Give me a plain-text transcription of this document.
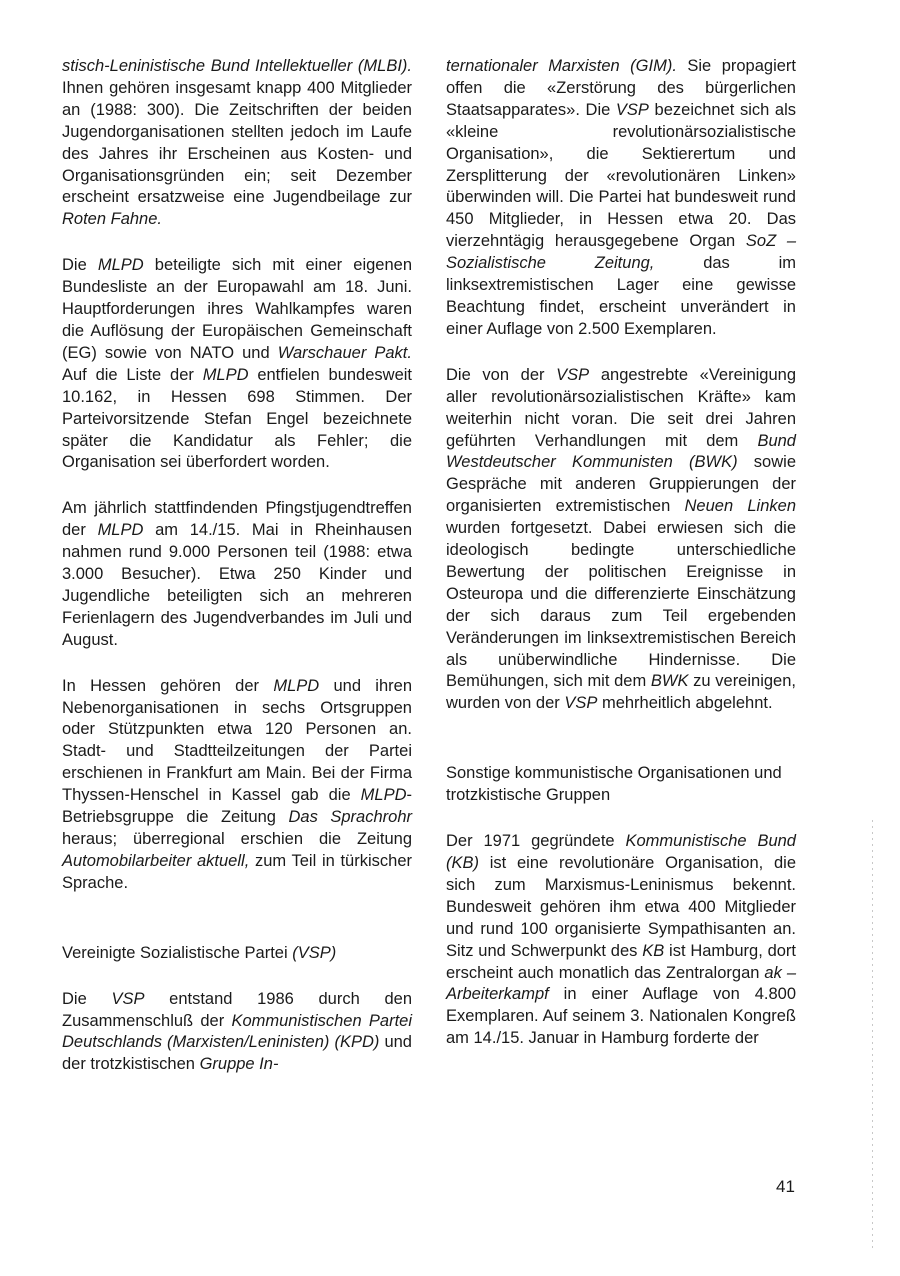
stisch-Leninistische Bund Intellektueller (MLBI). Ihnen gehören insgesamt knapp 400 Mitglieder an (1988: 300). Die Zeitschriften der beiden Jugendorganisationen stellten jedoch im Laufe des Jahres ihr Erscheinen aus Kosten- und Organisationsgründen ein; seit Dezember erscheint ersatzweise eine Jugendbeilage zur Roten Fahne.

Die MLPD beteiligte sich mit einer eigenen Bundesliste an der Europawahl am 18. Juni. Hauptforderungen ihres Wahlkampfes waren die Auflösung der Europäischen Gemeinschaft (EG) sowie von NATO und Warschauer Pakt. Auf die Liste der MLPD entfielen bundesweit 10.162, in Hessen 698 Stimmen. Der Parteivorsitzende Stefan Engel bezeichnete später die Kandidatur als Fehler; die Organisation sei überfordert worden.

Am jährlich stattfindenden Pfingstjugendtreffen der MLPD am 14./15. Mai in Rheinhausen nahmen rund 9.000 Personen teil (1988: etwa 3.000 Besucher). Etwa 250 Kinder und Jugendliche beteiligten sich an mehreren Ferienlagern des Jugendverbandes im Juli und August.

In Hessen gehören der MLPD und ihren Nebenorganisationen in sechs Ortsgruppen oder Stützpunkten etwa 120 Personen an. Stadt- und Stadtteilzeitungen der Partei erschienen in Frankfurt am Main. Bei der Firma Thyssen-Henschel in Kassel gab die MLPD-Betriebsgruppe die Zeitung Das Sprachrohr heraus; überregional erschien die Zeitung Automobilarbeiter aktuell, zum Teil in türkischer Sprache.

Vereinigte Sozialistische Partei (VSP)

Die VSP entstand 1986 durch den Zusammenschluß der Kommunistischen Partei Deutschlands (Marxisten/Leninisten) (KPD) und der trotzkistischen Gruppe In-

ternationaler Marxisten (GIM). Sie propagiert offen die «Zerstörung des bürgerlichen Staatsapparates». Die VSP bezeichnet sich als «kleine revolutionärsozialistische Organisation», die Sektierertum und Zersplitterung der «revolutionären Linken» überwinden will. Die Partei hat bundesweit rund 450 Mitglieder, in Hessen etwa 20. Das vierzehntägig herausgegebene Organ SoZ – Sozialistische Zeitung, das im linksextremistischen Lager eine gewisse Beachtung findet, erscheint unverändert in einer Auflage von 2.500 Exemplaren.

Die von der VSP angestrebte «Vereinigung aller revolutionärsozialistischen Kräfte» kam weiterhin nicht voran. Die seit drei Jahren geführten Verhandlungen mit dem Bund Westdeutscher Kommunisten (BWK) sowie Gespräche mit anderen Gruppierungen der organisierten extremistischen Neuen Linken wurden fortgesetzt. Dabei erwiesen sich die ideologisch bedingte unterschiedliche Bewertung der politischen Ereignisse in Osteuropa und die differenzierte Einschätzung der sich daraus zum Teil ergebenden Veränderungen im linksextremistischen Bereich als unüberwindliche Hindernisse. Die Bemühungen, sich mit dem BWK zu vereinigen, wurden von der VSP mehrheitlich abgelehnt.

Sonstige kommunistische Organisationen und trotzkistische Gruppen

Der 1971 gegründete Kommunistische Bund (KB) ist eine revolutionäre Organisation, die sich zum Marxismus-Leninismus bekennt. Bundesweit gehören ihm etwa 400 Mitglieder und rund 100 organisierte Sympathisanten an. Sitz und Schwerpunkt des KB ist Hamburg, dort erscheint auch monatlich das Zentralorgan ak – Arbeiterkampf in einer Auflage von 4.800 Exemplaren. Auf seinem 3. Nationalen Kongreß am 14./15. Januar in Hamburg forderte der

41
